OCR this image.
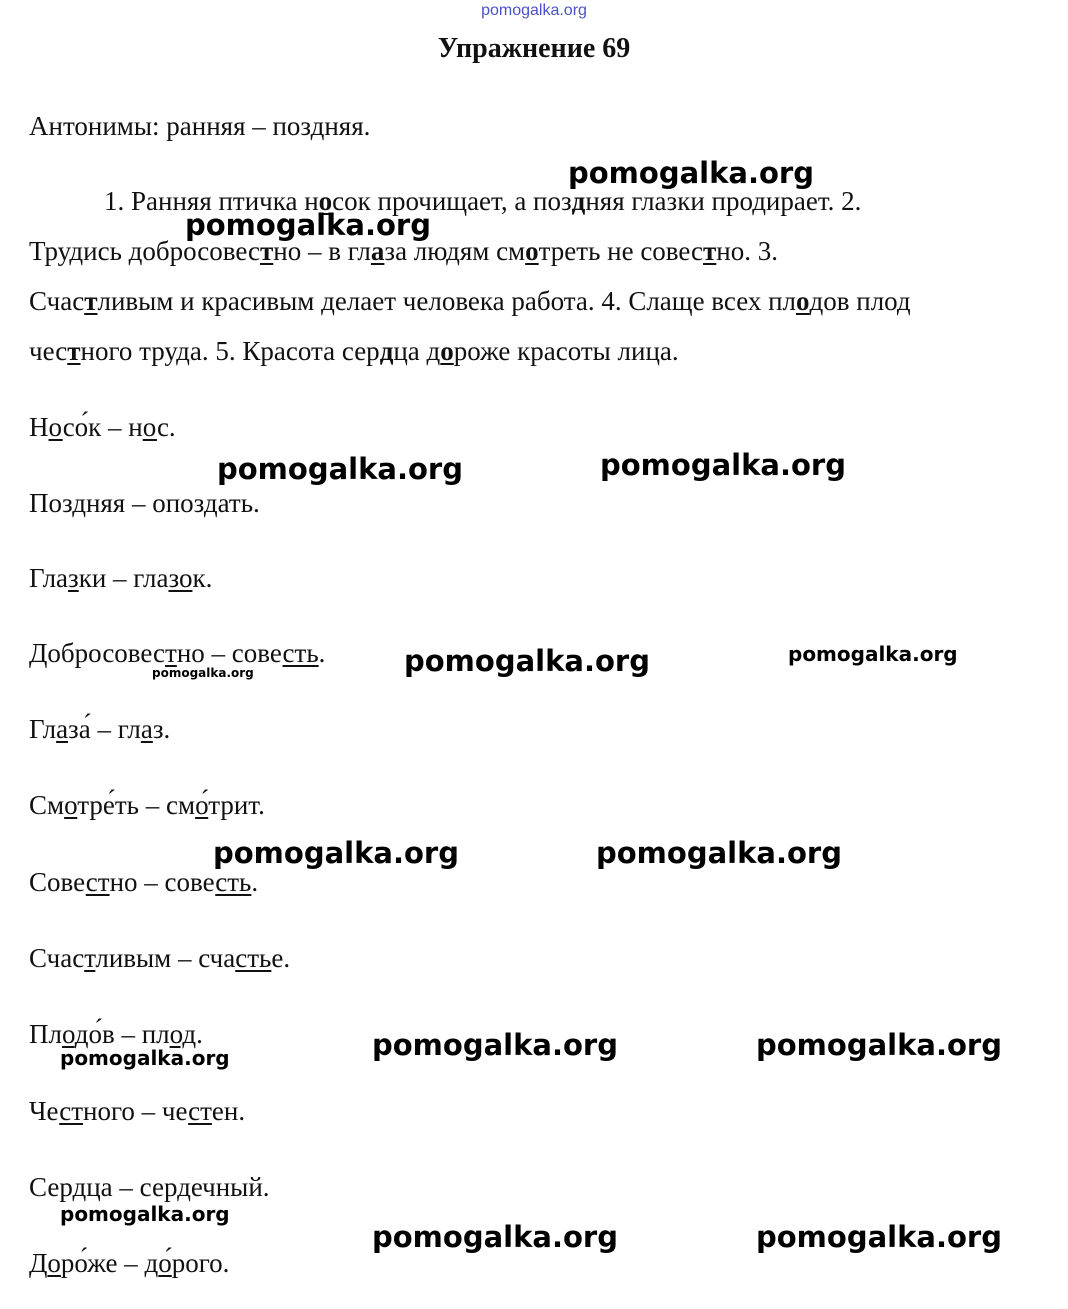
pomogalka.org
Упражнение 69
Антонимы: ранняя – поздняя.
1. Ранняя птичка носок прочищает, а поздняя глазки продирает. 2.
Трудись добросовестно – в глаза людям смотреть не совестно. 3.
Счастливым и красивым делает человека работа. 4. Слаще всех плодов плод
честного труда. 5. Красота сердца дороже красоты лица.
Носо́к – нос.
Поздняя – опоздать.
Глазки – глазок.
Добросовестно – совесть.
Глаза́ – глаз.
Смотре́ть – смо́трит.
Совестно – совесть.
Счастливым – счастье.
Плодо́в – плод.
Честного – честен.
Сердца – сердечный.
Доро́же – до́рого.
pomogalka.org
pomogalka.org
pomogalka.org	pomogalka.org
pomogalka.org	pomogalka.org
pomogalka.org
pomogalka.org	pomogalka.org
pomogalka.org	pomogalka.org	pomogalka.org
pomogalka.org
pomogalka.org	pomogalka.org
